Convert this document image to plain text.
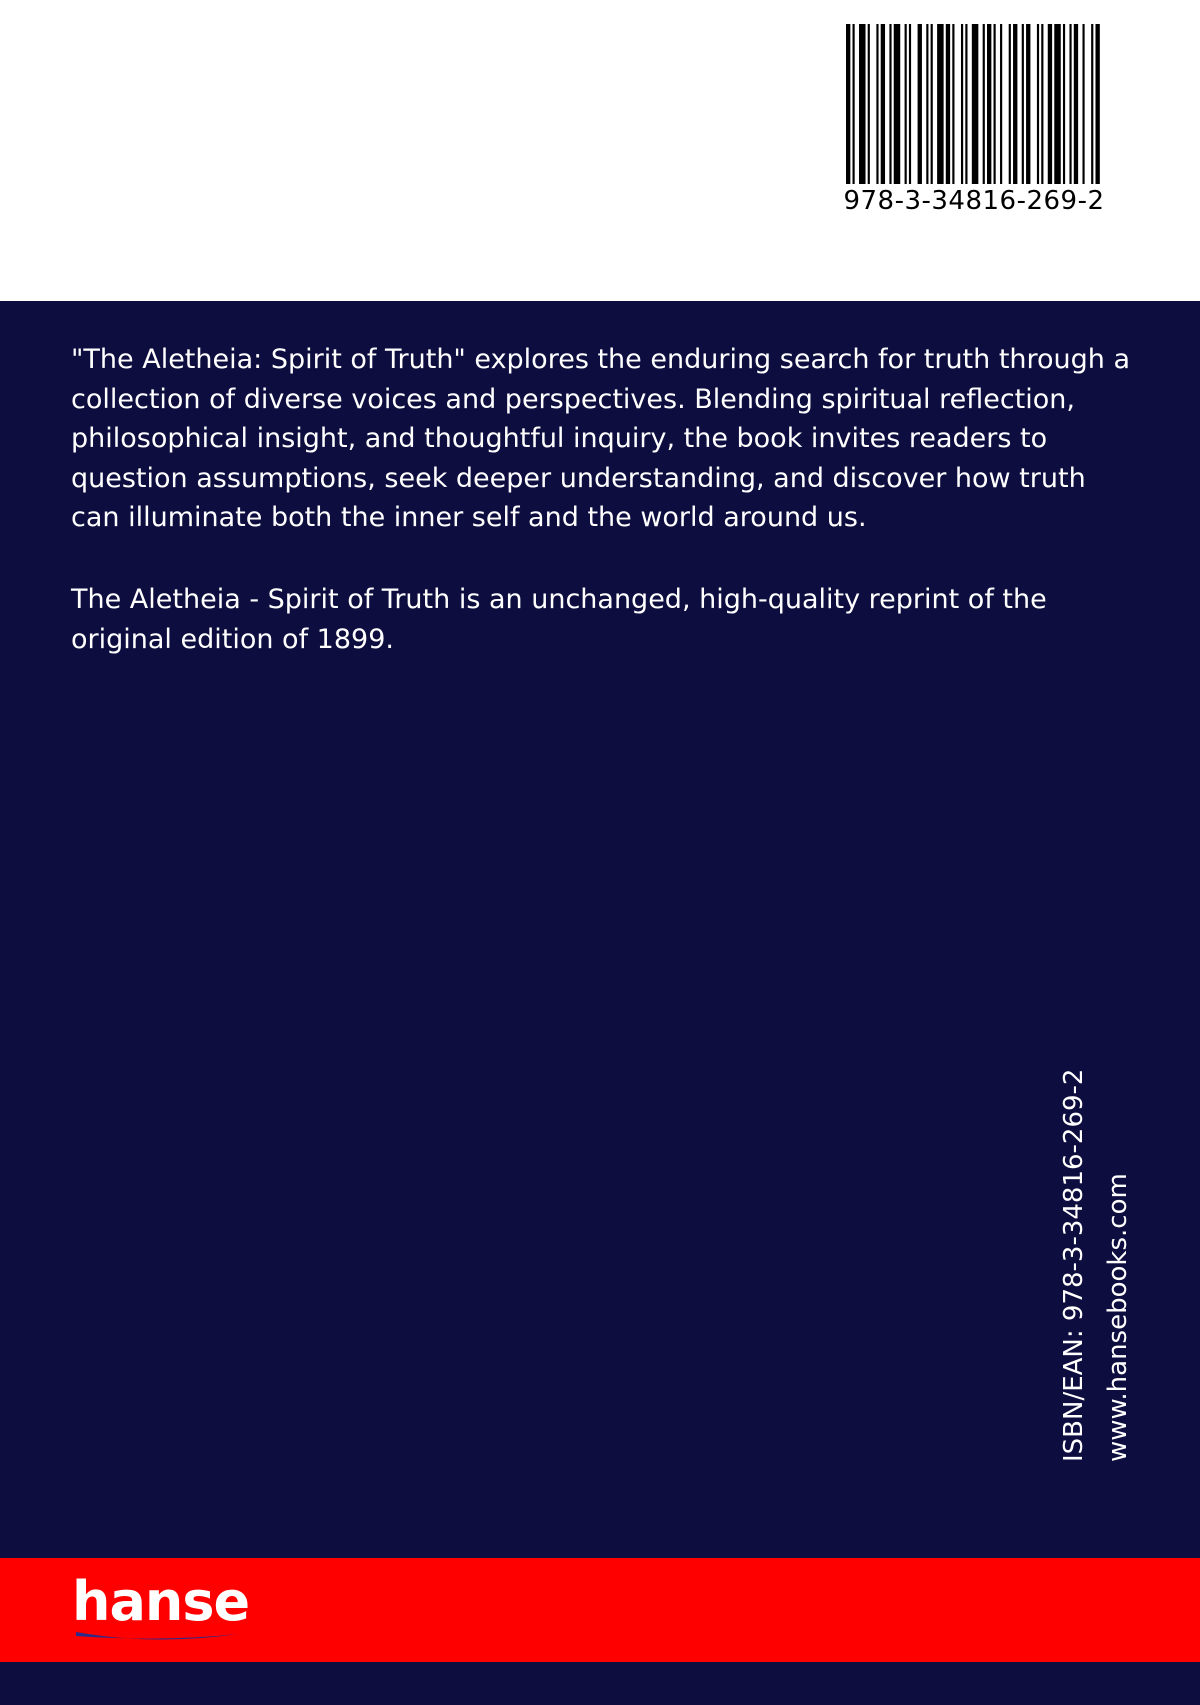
978-3-34816-269-2

"The Aletheia: Spirit of Truth" explores the enduring search for truth through a collection of diverse voices and perspectives. Blending spiritual reflection, philosophical insight, and thoughtful inquiry, the book invites readers to question assumptions, seek deeper understanding, and discover how truth can illuminate both the inner self and the world around us.

The Aletheia - Spirit of Truth is an unchanged, high-quality reprint of the original edition of 1899.

ISBN/EAN: 978-3-34816-269-2 www.hansebooks.com
hanse
